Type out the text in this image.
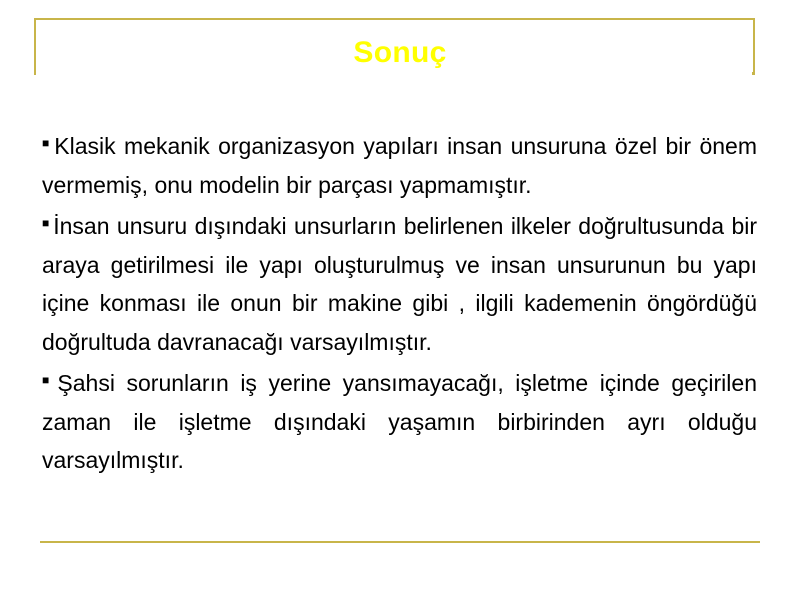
Sonuç
■ Klasik mekanik organizasyon yapıları insan unsuruna özel bir önem vermemiş, onu modelin bir parçası yapmamıştır.
■ İnsan unsuru dışındaki unsurların belirlenen ilkeler doğrultusunda bir araya getirilmesi ile yapı oluşturulmuş ve insan unsurunun bu yapı içine konması ile onun bir makine gibi , ilgili kademenin öngördüğü doğrultuda davranacağı varsayılmıştır.
■ Şahsi sorunların iş yerine yansımayacağı, işletme içinde geçirilen zaman ile işletme dışındaki yaşamın birbirinden ayrı olduğu varsayılmıştır.
